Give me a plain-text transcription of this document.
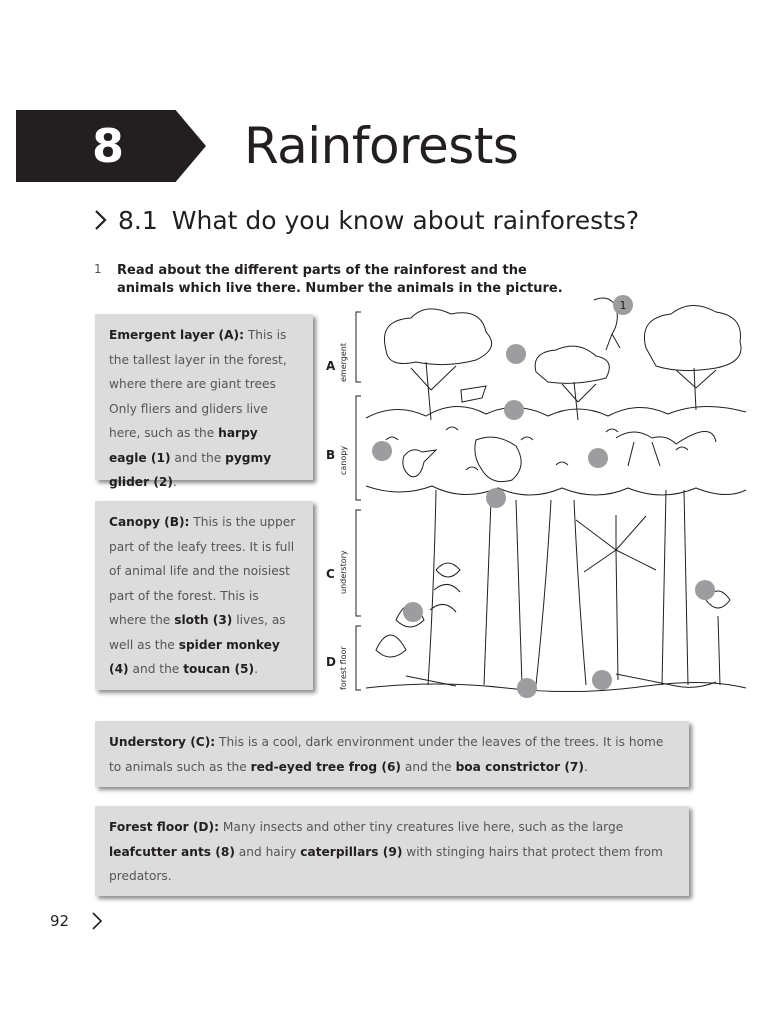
8	Rainforests
8.1 What do you know about rainforests?
1 Read about the different parts of the rainforest and the animals which live there. Number the animals in the picture.
Emergent layer (A): This is the tallest layer in the forest, where there are giant trees Only fliers and gliders live here, such as the harpy eagle (1) and the pygmy glider (2).
Canopy (B): This is the upper part of the leafy trees. It is full of animal life and the noisiest part of the forest. This is where the sloth (3) lives, as well as the spider monkey (4) and the toucan (5).
Understory (C): This is a cool, dark environment under the leaves of the trees. It is home to animals such as the red-eyed tree frog (6) and the boa constrictor (7).
Forest floor (D): Many insects and other tiny creatures live here, such as the large leafcutter ants (8) and hairy caterpillars (9) with stinging hairs that protect them from predators.
A
B
C
D
emergent
canopy
understory
forest floor
1
92
